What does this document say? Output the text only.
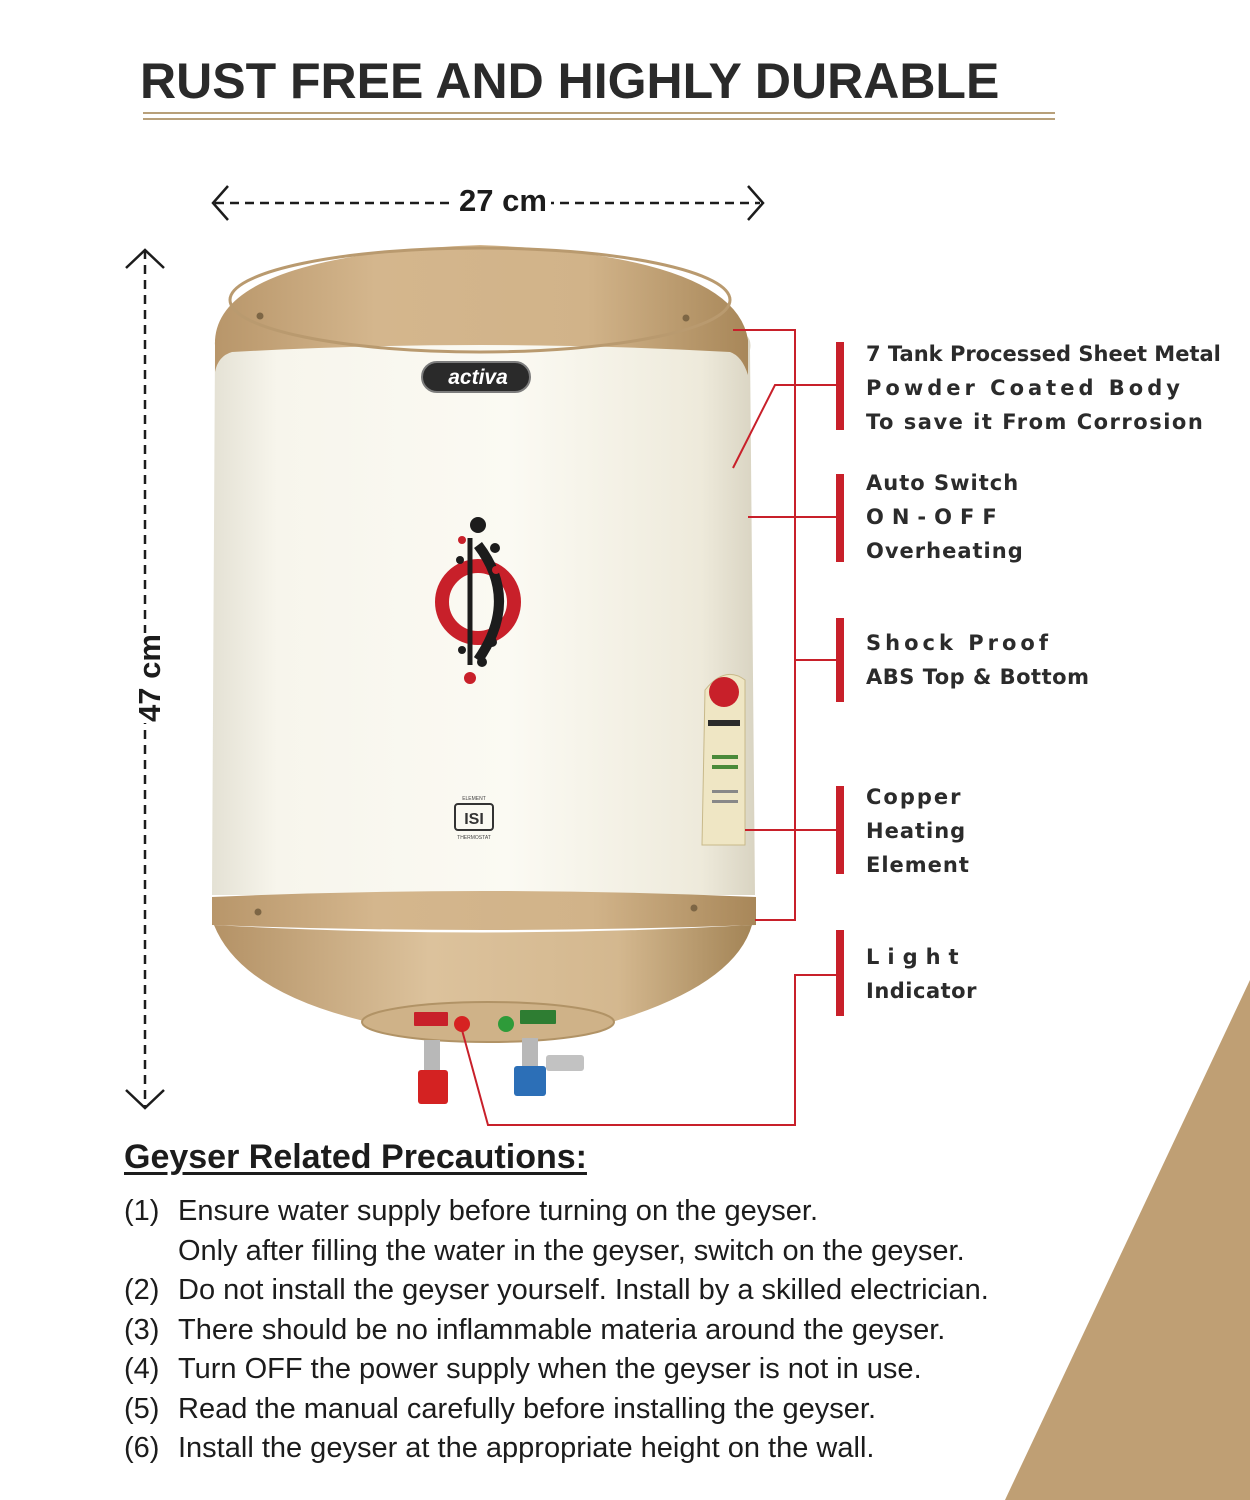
RUST FREE AND HIGHLY DURABLE
27 cm
47 cm
activa
ELEMENT
ISI
THERMOSTAT
7 Tank Processed Sheet Metal
Powder Coated Body
To save it From Corrosion
Auto Switch
ON-OFF
Overheating
Shock Proof
ABS Top & Bottom
Copper
Heating
Element
Light
Indicator
Geyser Related Precautions:
(1) Ensure water supply before turning on the geyser.
Only after filling the water in the geyser, switch on the geyser.
(2) Do not install the geyser yourself. Install by a skilled electrician.
(3) There should be no inflammable materia around the geyser.
(4) Turn OFF the power supply when the geyser is not in use.
(5) Read the manual carefully before installing the geyser.
(6) Install the geyser at the appropriate height on the wall.
